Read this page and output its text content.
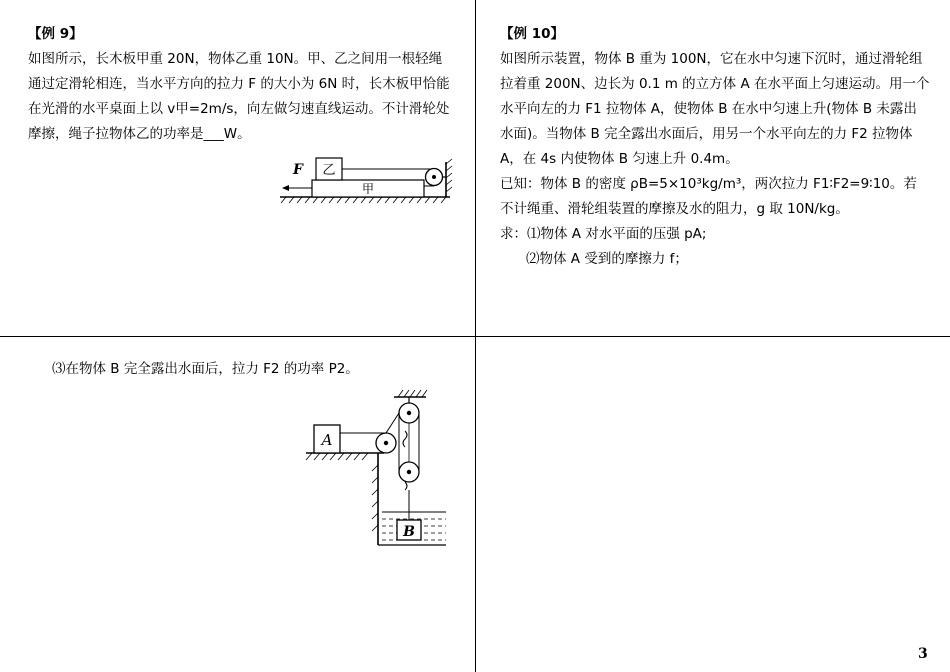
【例 9】

如图所示，长木板甲重 20N，物体乙重 10N。甲、乙之间用一根轻绳通过定滑轮相连，当水平方向的拉力 F 的大小为 6N 时，长木板甲恰能在光滑的水平桌面上以 v甲=2m/s，向左做匀速直线运动。不计滑轮处摩擦，绳子拉物体乙的功率是___W。

甲
乙
F

【例 10】

如图所示装置，物体 B 重为 100N，它在水中匀速下沉时，通过滑轮组拉着重 200N、边长为 0.1 m 的立方体 A 在水平面上匀速运动。用一个水平向左的力 F1 拉物体 A，使物体 B 在水中匀速上升(物体 B 未露出水面)。当物体 B 完全露出水面后，用另一个水平向左的力 F2 拉物体 A，在 4s 内使物体 B 匀速上升 0.4m。

已知：物体 B 的密度 ρB=5×10³kg/m³，两次拉力 F1∶F2=9∶10。若不计绳重、滑轮组装置的摩擦及水的阻力，g 取 10N/kg。

求：⑴物体 A 对水平面的压强 pA;

⑵物体 A 受到的摩擦力 f；

⑶在物体 B 完全露出水面后，拉力 F2 的功率 P2。

A
B
3
